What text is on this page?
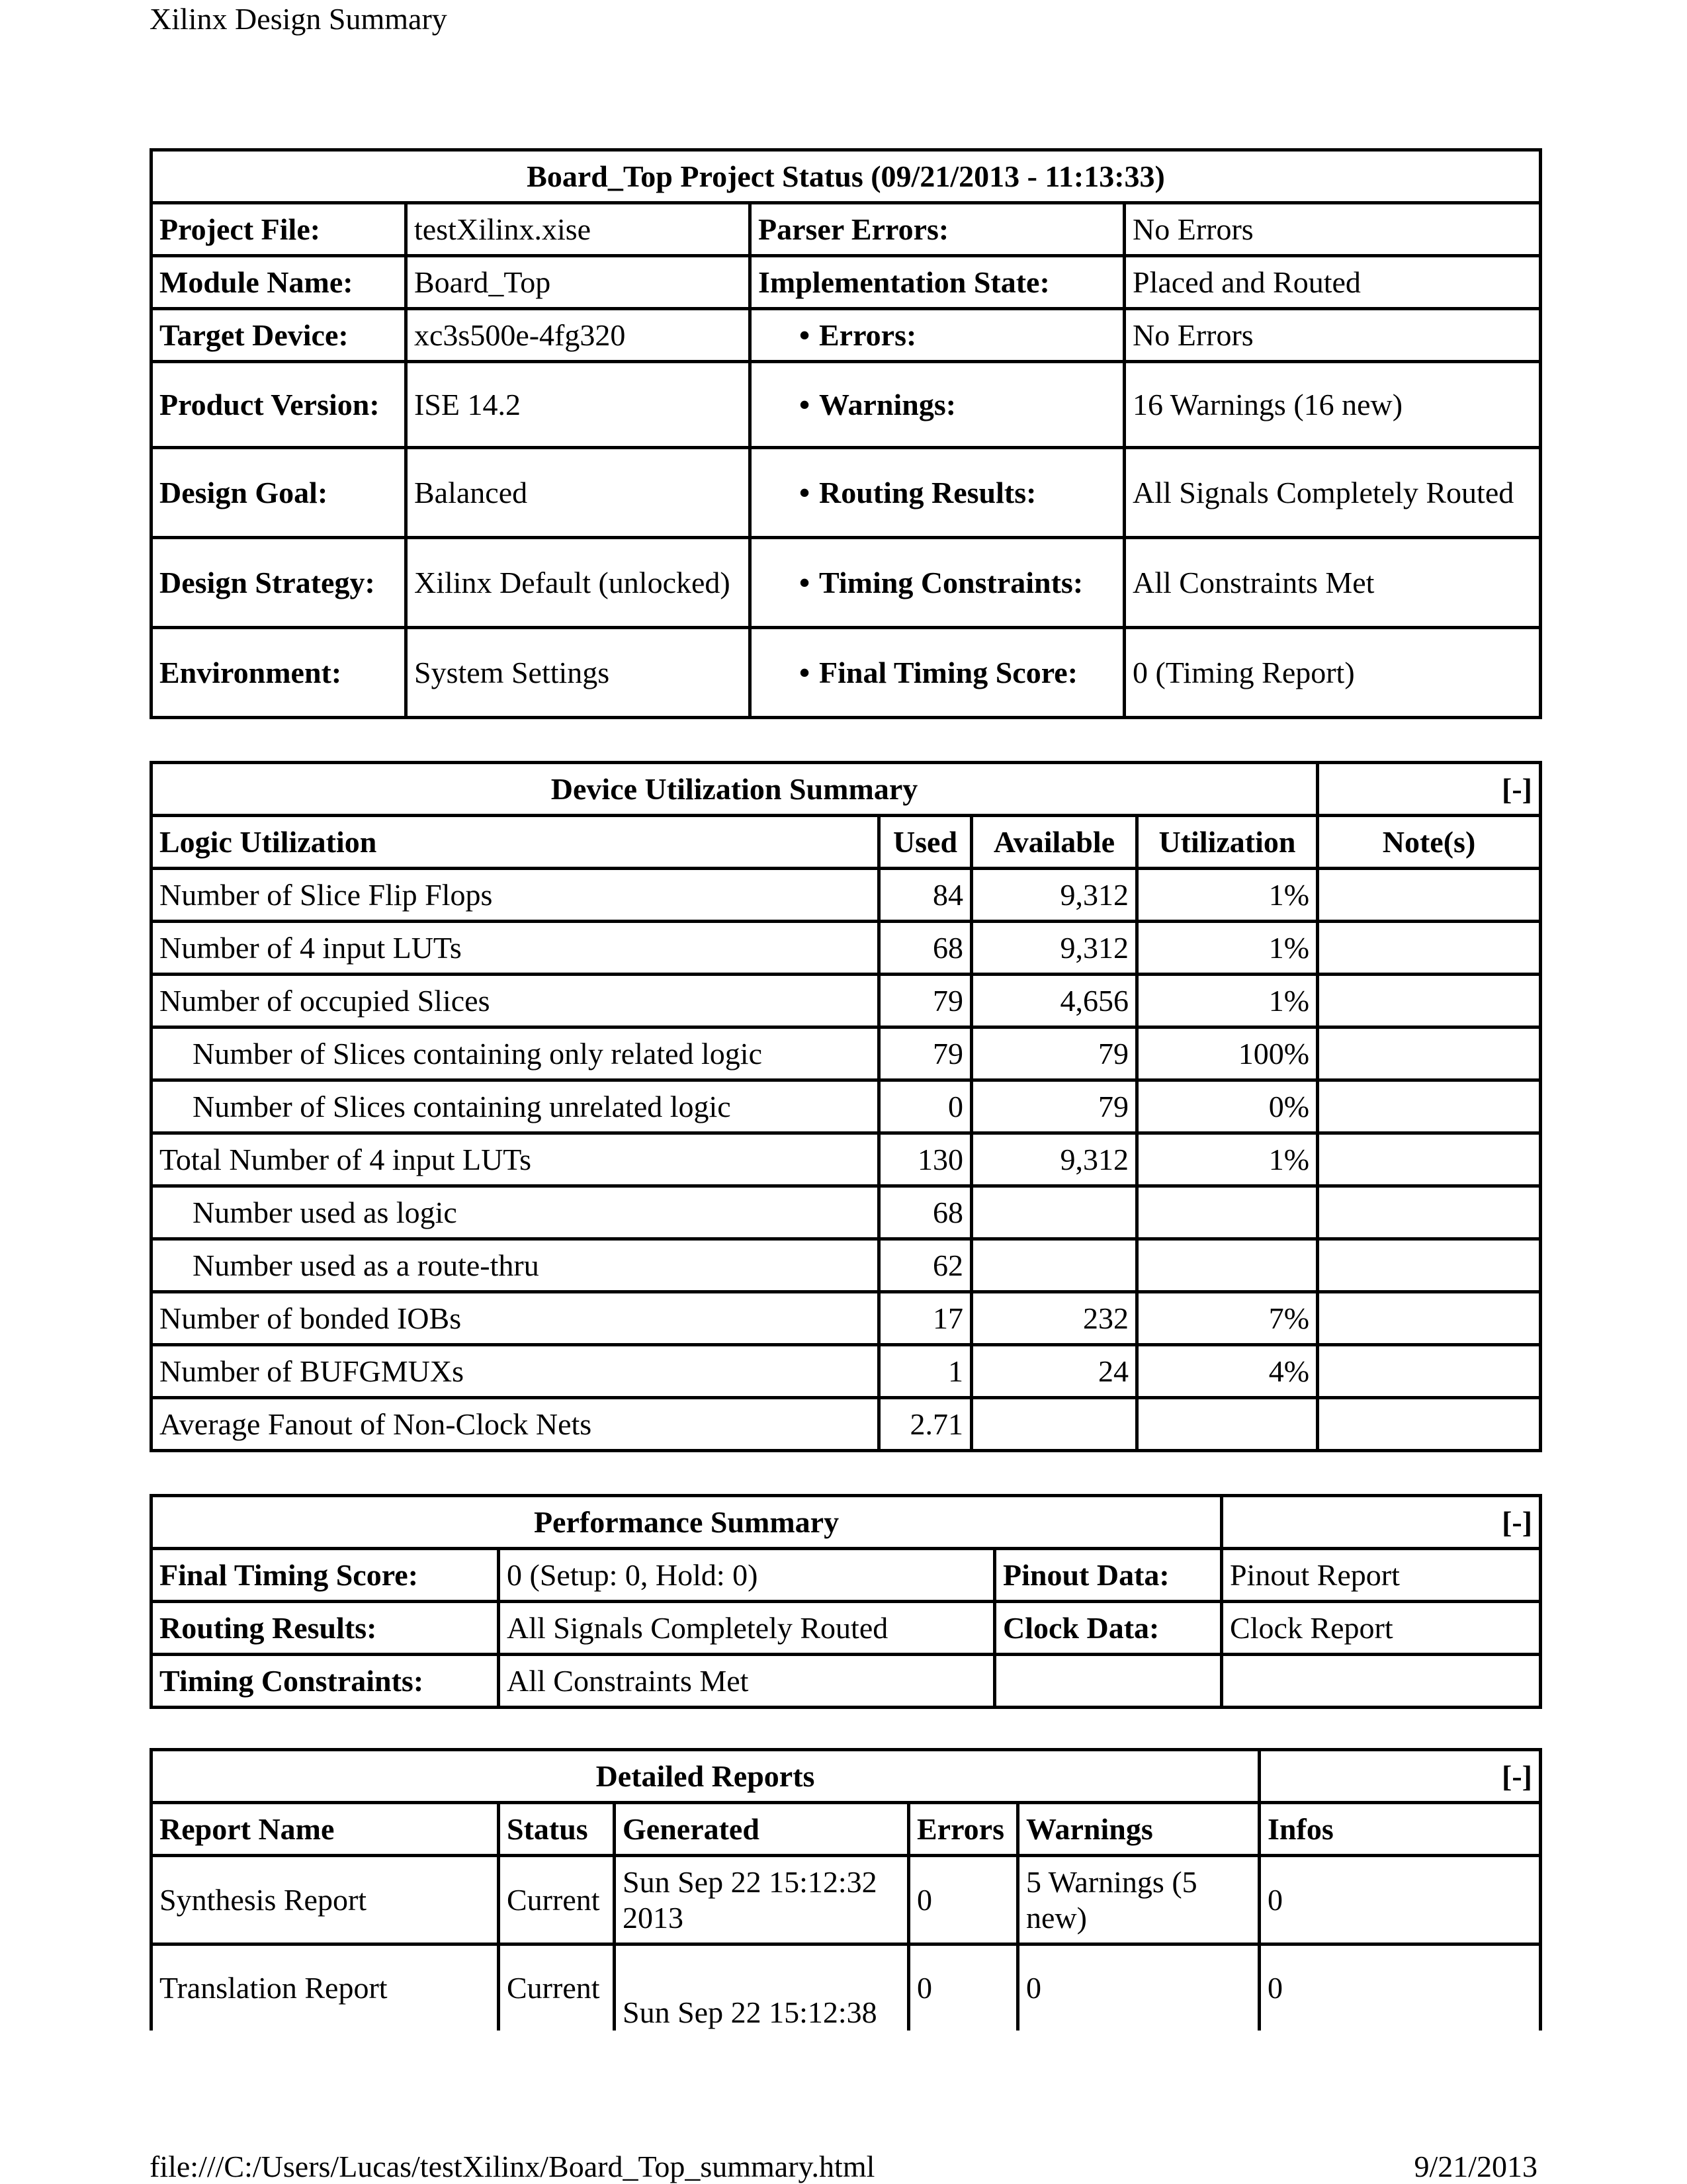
Xilinx Design Summary
Board_Top Project Status (09/21/2013 - 11:13:33)			
Project File:	testXilinx.xise	Parser Errors:	No Errors
Module Name:	Board_Top	Implementation State:	Placed and Routed
Target Device:	xc3s500e-4fg320	• Errors:	No Errors
Product Version:	ISE 14.2	• Warnings:	16 Warnings (16 new)
Design Goal:	Balanced	• Routing Results:	All Signals Completely Routed
Design Strategy:	Xilinx Default (unlocked)	• Timing Constraints:	All Constraints Met
Environment:	System Settings	• Final Timing Score:	0 (Timing Report)
Device Utilization Summary				[-]
Logic Utilization	Used	Available	Utilization	Note(s)
Number of Slice Flip Flops	84	9,312	1%	
Number of 4 input LUTs	68	9,312	1%	
Number of occupied Slices	79	4,656	1%	
Number of Slices containing only related logic	79	79	100%	
Number of Slices containing unrelated logic	0	79	0%	
Total Number of 4 input LUTs	130	9,312	1%	
Number used as logic	68			
Number used as a route-thru	62			
Number of bonded IOBs	17	232	7%	
Number of BUFGMUXs	1	24	4%	
Average Fanout of Non-Clock Nets	2.71			
Performance Summary			[-]
Final Timing Score:	0 (Setup: 0, Hold: 0)	Pinout Data:	Pinout Report
Routing Results:	All Signals Completely Routed	Clock Data:	Clock Report
Timing Constraints:	All Constraints Met		
Detailed Reports					[-]
Report Name	Status	Generated	Errors	Warnings	Infos
Synthesis Report	Current	Sun Sep 22 15:12:32 2013	0	5 Warnings (5 new)	0
Translation Report	Current	Sun Sep 22 15:12:38	0	0	0
file:///C:/Users/Lucas/testXilinx/Board_Top_summary.html	9/21/2013
